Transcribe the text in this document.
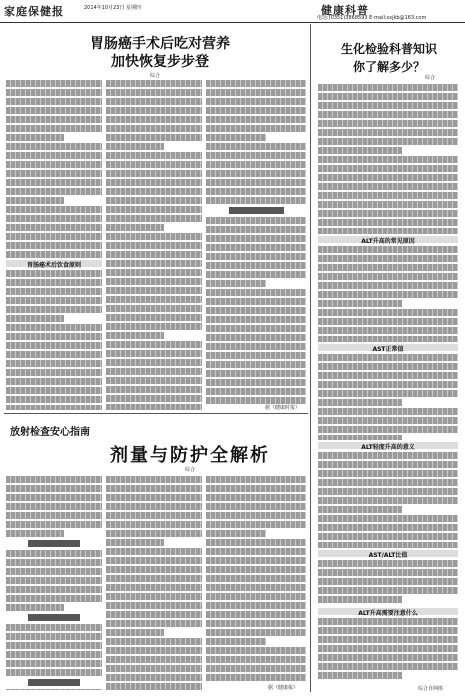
家庭保健报	2014年10月23日 星期四	健康科普
电话:(0351)3868593 E-mail:sxjkb@163.com
胃肠癌手术后吃对营养
加快恢复步步登
综合
胃肠癌术后饮食原则
据《健康时报》
放射检查安心指南
剂量与防护全解析
综合
据《健康报》
生化检验科普知识
你了解多少？
综合
ALT升高的常见原因
AST正常值
ALT轻度升高的意义
AST/ALT比值
ALT升高需要注意什么
综合自网络
